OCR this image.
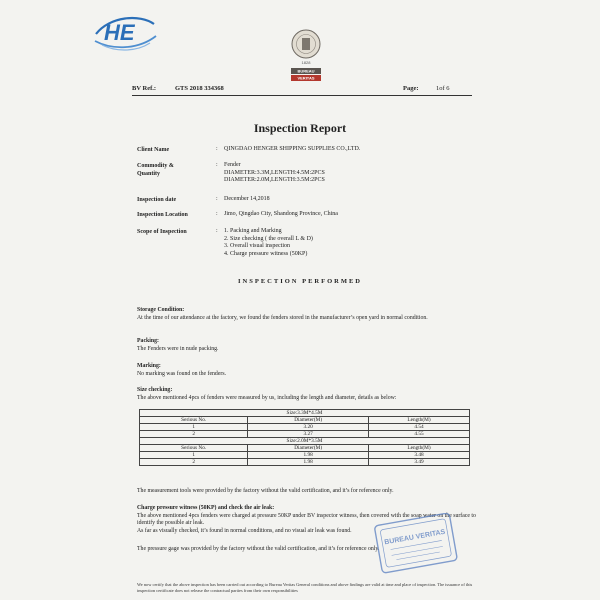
HE
1828
BUREAU
VERITAS
BV Ref.:	GTS 2018 334368	Page:	1of 6
Inspection Report
Client Name	: QINGDAO HENGER SHIPPING SUPPLIES CO.,LTD.
Commodity &
Quantity
: Fender
DIAMETER:3.3M,LENGTH:4.5M:2PCS
DIAMETER:2.0M,LENGTH:3.5M:2PCS
Inspection date	: December 14,2018
Inspection Location	: Jimo, Qingdao City, Shandong Province, China
Scope of Inspection	: 1. Packing and Marking
2. Size checking ( the overall L & D)
3. Overall visual inspection
4. Charge pressure witness (50KP)
INSPECTION PERFORMED
Storage Condition:
At the time of our attendance at the factory, we found the fenders stored in the manufacturer’s open yard in normal condition.
Packing:
The Fenders were in nude packing.
Marking:
No marking was found on the fenders.
Size checking:
The above mentioned 4pcs of fenders were measured by us, including the length and diameter, details as below:
Size:3.3M*4.5M		
Serious No.	Diameter(M)	Length(M)
1	3.20	4.54
2	3.27	4.55
Size:2.0M*3.5M		
Serious No.	Diameter(M)	Length(M)
1	1.98	3.48
2	1.98	3.49
The measurement tools were provided by the factory without the valid certification, and it’s for reference only.
Charge pressure witness (50KP) and check the air leak:
The above mentioned 4pcs fenders were charged at pressure 50KP under BV inspector witness, then covered with the soap water on the surface to identify the possible air leak.
As far as visually checked, it’s found in normal conditions, and no visual air leak was found.
The pressure gage was provided by the factory without the valid certification, and it’s for reference only.
BUREAU VERITAS
We now certify that the above inspection has been carried out according to Bureau Veritas General conditions and above findings are valid at time and place of inspection. The issuance of this inspection certificate does not release the contractual parties from their own responsibilities
